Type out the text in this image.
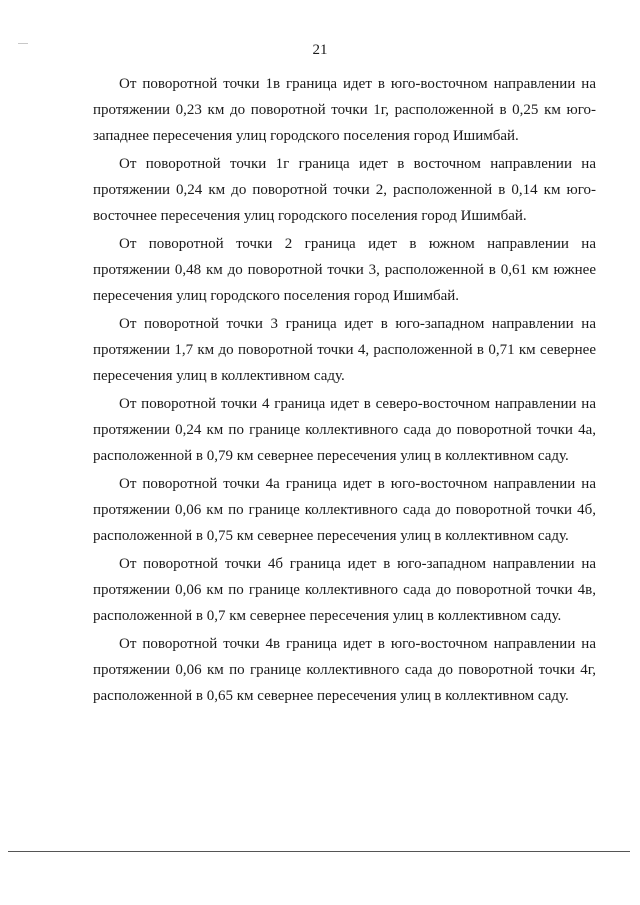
21

От поворотной точки 1в граница идет в юго-восточном направлении на протяжении 0,23 км до поворотной точки 1г, расположенной в 0,25 км юго-западнее пересечения улиц городского поселения город Ишимбай.

От поворотной точки 1г граница идет в восточном направлении на протяжении 0,24 км до поворотной точки 2, расположенной в 0,14 км юго-восточнее пересечения улиц городского поселения город Ишимбай.

От поворотной точки 2 граница идет в южном направлении на протяжении 0,48 км до поворотной точки 3, расположенной в 0,61 км южнее пересечения улиц городского поселения город Ишимбай.

От поворотной точки 3 граница идет в юго-западном направлении на протяжении 1,7 км до поворотной точки 4, расположенной в 0,71 км севернее пересечения улиц в коллективном саду.

От поворотной точки 4 граница идет в северо-восточном направлении на протяжении 0,24 км по границе коллективного сада до поворотной точки 4а, расположенной в 0,79 км севернее пересечения улиц в коллективном саду.

От поворотной точки 4а граница идет в юго-восточном направлении на протяжении 0,06 км по границе коллективного сада до поворотной точки 4б, расположенной в 0,75 км севернее пересечения улиц в коллективном саду.

От поворотной точки 4б граница идет в юго-западном направлении на протяжении 0,06 км по границе коллективного сада до поворотной точки 4в, расположенной в 0,7 км севернее пересечения улиц в коллективном саду.

От поворотной точки 4в граница идет в юго-восточном направлении на протяжении 0,06 км по границе коллективного сада до поворотной точки 4г, расположенной в 0,65 км севернее пересечения улиц в коллективном саду.
